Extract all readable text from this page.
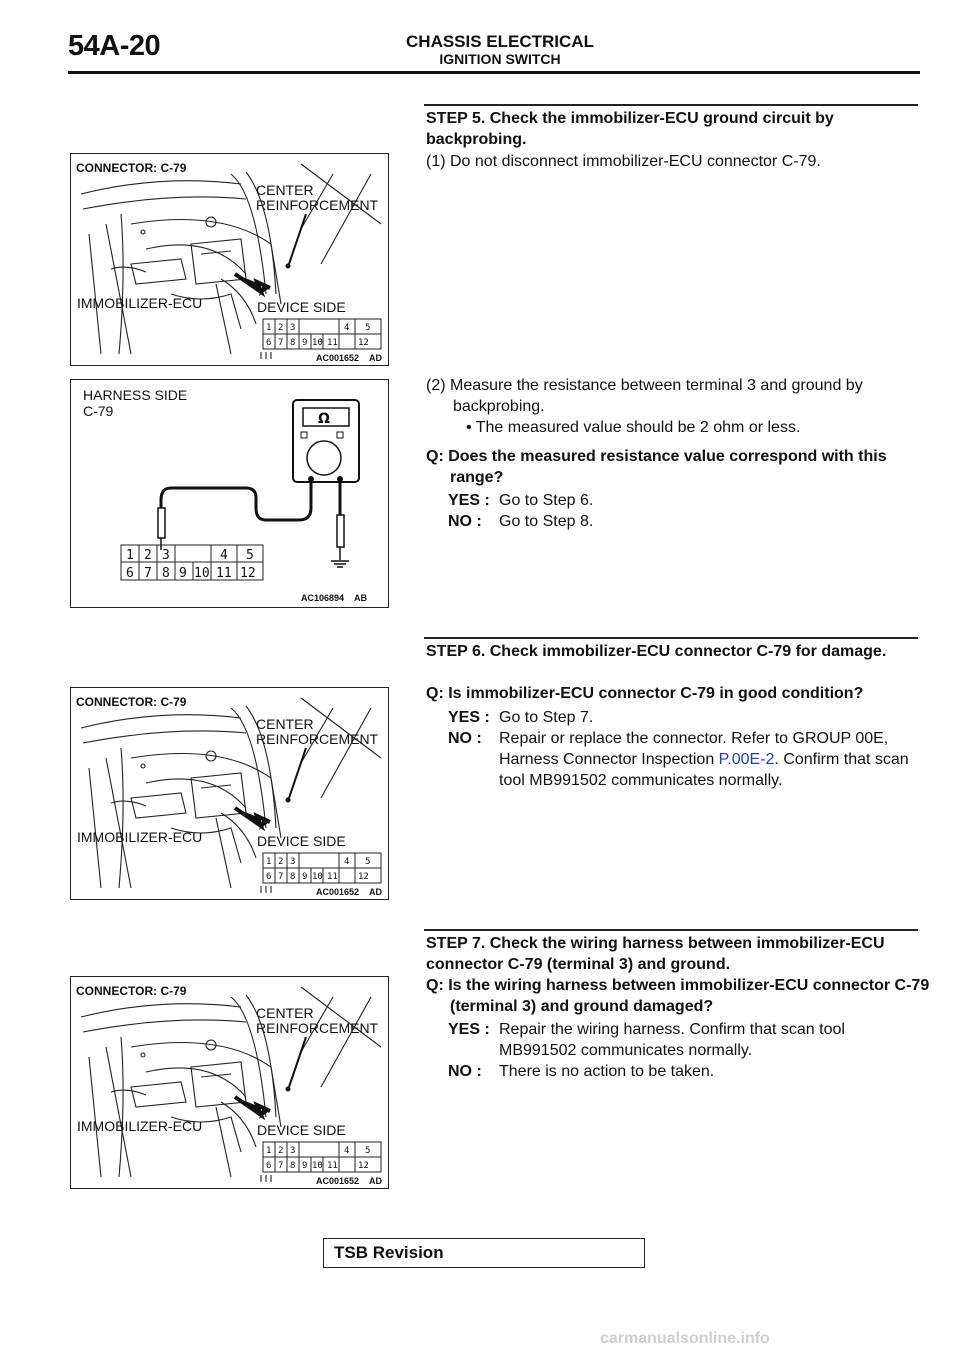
54A-20	CHASSIS ELECTRICAL
IGNITION SWITCH
1 2 3	4 5
6 7 8 9 10 11 12
CONNECTOR: C-79
CENTER
REINFORCEMENT
IMMOBILIZER-ECU	DEVICE SIDE
AC001652 AD
HARNESS SIDE
C-79
AC106894 AB
Ω
1 2 3	4 5
6 7 8 9 10 11 12
1 2 3	4 5
6 7 8 9 10 11 12
CONNECTOR: C-79
CENTER
REINFORCEMENT
IMMOBILIZER-ECU	DEVICE SIDE
AC001652 AD
1 2 3	4 5
6 7 8 9 10 11 12
CONNECTOR: C-79
CENTER
REINFORCEMENT
IMMOBILIZER-ECU	DEVICE SIDE
AC001652 AD
STEP 5. Check the immobilizer-ECU ground circuit by backprobing.
(1) Do not disconnect immobilizer-ECU connector C-79.
(2) Measure the resistance between terminal 3 and ground by backprobing.
• The measured value should be 2 ohm or less.
Q: Does the measured resistance value correspond with this range?
YES : Go to Step 6.
NO : Go to Step 8.
STEP 6. Check immobilizer-ECU connector C-79 for damage.
Q: Is immobilizer-ECU connector C-79 in good condition?
YES : Go to Step 7.
NO : Repair or replace the connector. Refer to GROUP 00E, Harness Connector Inspection P.00E-2. Confirm that scan tool MB991502 communicates normally.
STEP 7. Check the wiring harness between immobilizer-ECU connector C-79 (terminal 3) and ground.
Q: Is the wiring harness between immobilizer-ECU connector C-79 (terminal 3) and ground damaged?
YES : Repair the wiring harness. Confirm that scan tool MB991502 communicates normally.
NO : There is no action to be taken.
TSB Revision
carmanualsonline.info
